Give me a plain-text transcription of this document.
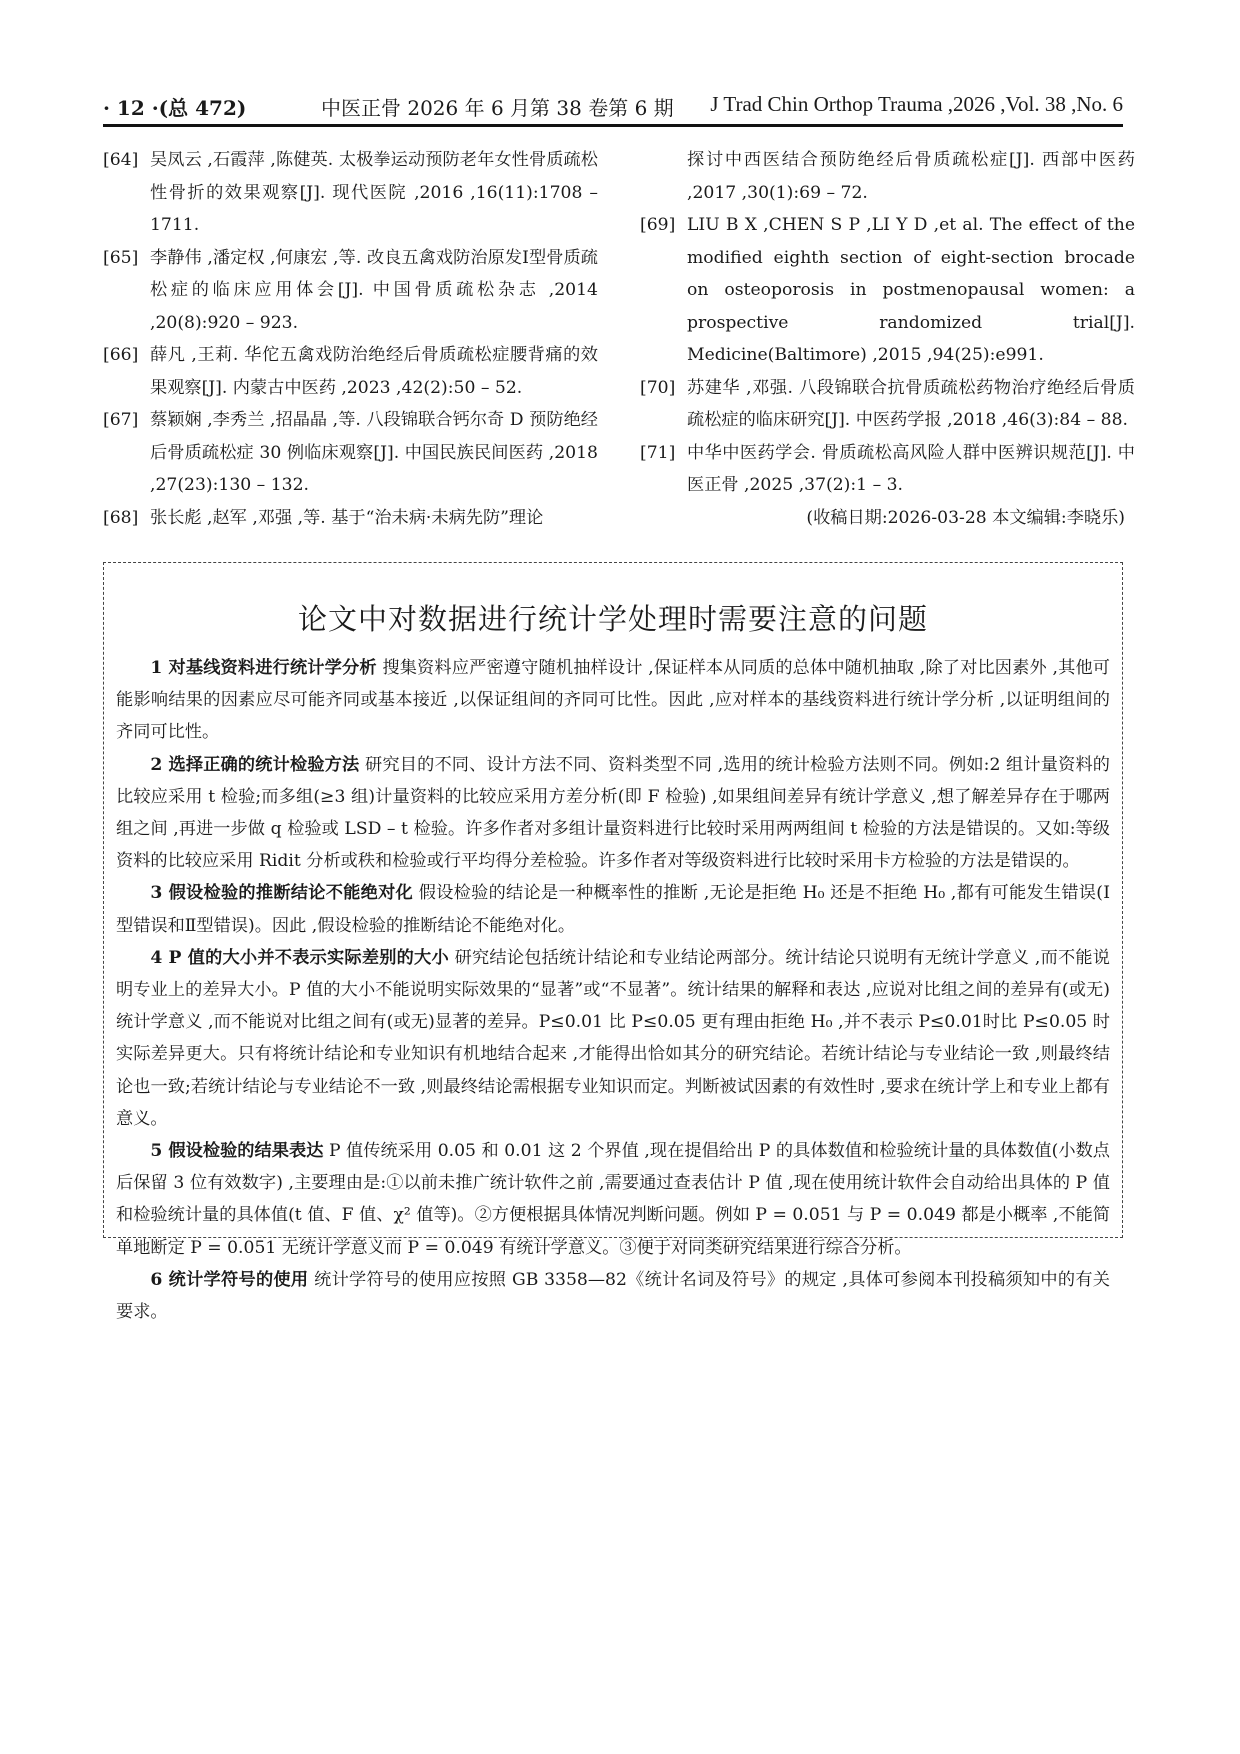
· 12 ·(总 472)	中医正骨 2026 年 6 月第 38 卷第 6 期 J Trad Chin Orthop Trauma ,2026 ,Vol. 38 ,No. 6
[64] 吴凤云 ,石霞萍 ,陈健英. 太极拳运动预防老年女性骨质疏松性骨折的效果观察[J]. 现代医院 ,2016 ,16(11):1708 – 1711.
[65] 李静伟 ,潘定权 ,何康宏 ,等. 改良五禽戏防治原发Ⅰ型骨质疏松症的临床应用体会[J]. 中国骨质疏松杂志 ,2014 ,20(8):920 – 923.
[66] 薛凡 ,王莉. 华佗五禽戏防治绝经后骨质疏松症腰背痛的效果观察[J]. 内蒙古中医药 ,2023 ,42(2):50 – 52.
[67] 蔡颖娴 ,李秀兰 ,招晶晶 ,等. 八段锦联合钙尔奇 D 预防绝经后骨质疏松症 30 例临床观察[J]. 中国民族民间医药 ,2018 ,27(23):130 – 132.
[68] 张长彪 ,赵军 ,邓强 ,等. 基于“治未病·未病先防”理论
探讨中西医结合预防绝经后骨质疏松症[J]. 西部中医药 ,2017 ,30(1):69 – 72.
[69] LIU B X ,CHEN S P ,LI Y D ,et al. The effect of the modified eighth section of eight-section brocade on osteoporosis in postmenopausal women: a prospective randomized trial[J]. Medicine(Baltimore) ,2015 ,94(25):e991.
[70] 苏建华 ,邓强. 八段锦联合抗骨质疏松药物治疗绝经后骨质疏松症的临床研究[J]. 中医药学报 ,2018 ,46(3):84 – 88.
[71] 中华中医药学会. 骨质疏松高风险人群中医辨识规范[J]. 中医正骨 ,2025 ,37(2):1 – 3.
(收稿日期:2026-03-28 本文编辑:李晓乐)
论文中对数据进行统计学处理时需要注意的问题

1 对基线资料进行统计学分析 搜集资料应严密遵守随机抽样设计 ,保证样本从同质的总体中随机抽取 ,除了对比因素外 ,其他可能影响结果的因素应尽可能齐同或基本接近 ,以保证组间的齐同可比性。因此 ,应对样本的基线资料进行统计学分析 ,以证明组间的齐同可比性。

2 选择正确的统计检验方法 研究目的不同、设计方法不同、资料类型不同 ,选用的统计检验方法则不同。例如:2 组计量资料的比较应采用 t 检验;而多组(≥3 组)计量资料的比较应采用方差分析(即 F 检验) ,如果组间差异有统计学意义 ,想了解差异存在于哪两组之间 ,再进一步做 q 检验或 LSD – t 检验。许多作者对多组计量资料进行比较时采用两两组间 t 检验的方法是错误的。又如:等级资料的比较应采用 Ridit 分析或秩和检验或行平均得分差检验。许多作者对等级资料进行比较时采用卡方检验的方法是错误的。

3 假设检验的推断结论不能绝对化 假设检验的结论是一种概率性的推断 ,无论是拒绝 H₀ 还是不拒绝 H₀ ,都有可能发生错误(Ⅰ型错误和Ⅱ型错误)。因此 ,假设检验的推断结论不能绝对化。

4 P 值的大小并不表示实际差别的大小 研究结论包括统计结论和专业结论两部分。统计结论只说明有无统计学意义 ,而不能说明专业上的差异大小。P 值的大小不能说明实际效果的“显著”或“不显著”。统计结果的解释和表达 ,应说对比组之间的差异有(或无)统计学意义 ,而不能说对比组之间有(或无)显著的差异。P≤0.01 比 P≤0.05 更有理由拒绝 H₀ ,并不表示 P≤0.01时比 P≤0.05 时实际差异更大。只有将统计结论和专业知识有机地结合起来 ,才能得出恰如其分的研究结论。若统计结论与专业结论一致 ,则最终结论也一致;若统计结论与专业结论不一致 ,则最终结论需根据专业知识而定。判断被试因素的有效性时 ,要求在统计学上和专业上都有意义。

5 假设检验的结果表达 P 值传统采用 0.05 和 0.01 这 2 个界值 ,现在提倡给出 P 的具体数值和检验统计量的具体数值(小数点后保留 3 位有效数字) ,主要理由是:①以前未推广统计软件之前 ,需要通过查表估计 P 值 ,现在使用统计软件会自动给出具体的 P 值和检验统计量的具体值(t 值、F 值、χ² 值等)。②方便根据具体情况判断问题。例如 P = 0.051 与 P = 0.049 都是小概率 ,不能简单地断定 P = 0.051 无统计学意义而 P = 0.049 有统计学意义。③便于对同类研究结果进行综合分析。

6 统计学符号的使用 统计学符号的使用应按照 GB 3358—82《统计名词及符号》的规定 ,具体可参阅本刊投稿须知中的有关要求。
